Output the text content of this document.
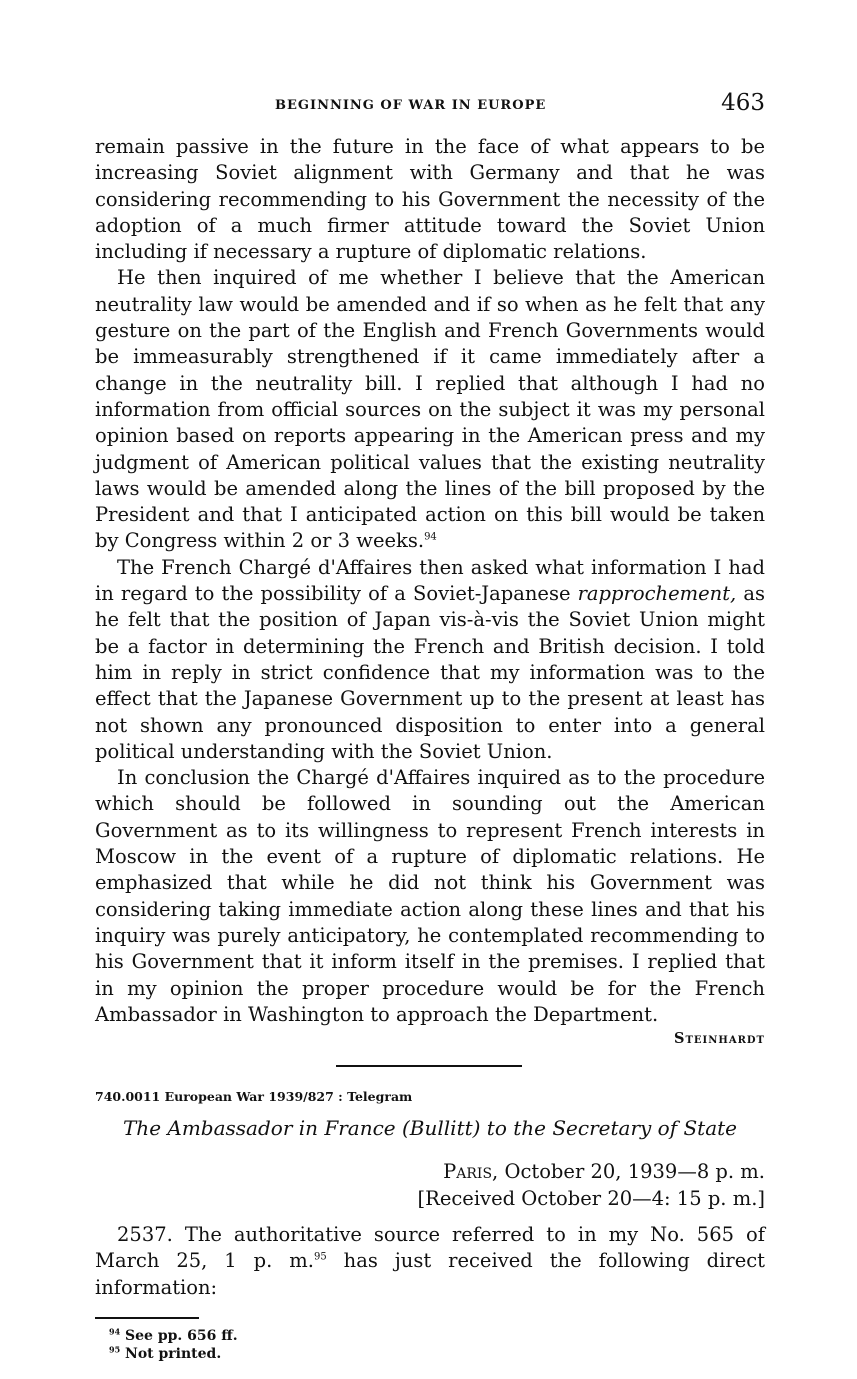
BEGINNING OF WAR IN EUROPE	463

remain passive in the future in the face of what appears to be increasing Soviet alignment with Germany and that he was considering recommending to his Government the necessity of the adoption of a much firmer attitude toward the Soviet Union including if necessary a rupture of diplomatic relations.

He then inquired of me whether I believe that the American neutrality law would be amended and if so when as he felt that any gesture on the part of the English and French Governments would be immeasurably strengthened if it came immediately after a change in the neutrality bill. I replied that although I had no information from official sources on the subject it was my personal opinion based on reports appearing in the American press and my judgment of American political values that the existing neutrality laws would be amended along the lines of the bill proposed by the President and that I anticipated action on this bill would be taken by Congress within 2 or 3 weeks.$^{94}$

The French Chargé d'Affaires then asked what information I had in regard to the possibility of a Soviet-Japanese rapprochement, as he felt that the position of Japan vis-à-vis the Soviet Union might be a factor in determining the French and British decision. I told him in reply in strict confidence that my information was to the effect that the Japanese Government up to the present at least has not shown any pronounced disposition to enter into a general political understanding with the Soviet Union.

In conclusion the Chargé d'Affaires inquired as to the procedure which should be followed in sounding out the American Government as to its willingness to represent French interests in Moscow in the event of a rupture of diplomatic relations. He emphasized that while he did not think his Government was considering taking immediate action along these lines and that his inquiry was purely anticipatory, he contemplated recommending to his Government that it inform itself in the premises. I replied that in my opinion the proper procedure would be for the French Ambassador in Washington to approach the Department.

Steinhardt
740.0011 European War 1939/827 : Telegram
The Ambassador in France (Bullitt) to the Secretary of State
Paris, October 20, 1939—8 p. m.
[Received October 20—4: 15 p. m.]

2537. The authoritative source referred to in my No. 565 of March 25, 1 p. m.$^{95}$ has just received the following direct information:

$^{94}$ See pp. 656 ff.
$^{95}$ Not printed.
